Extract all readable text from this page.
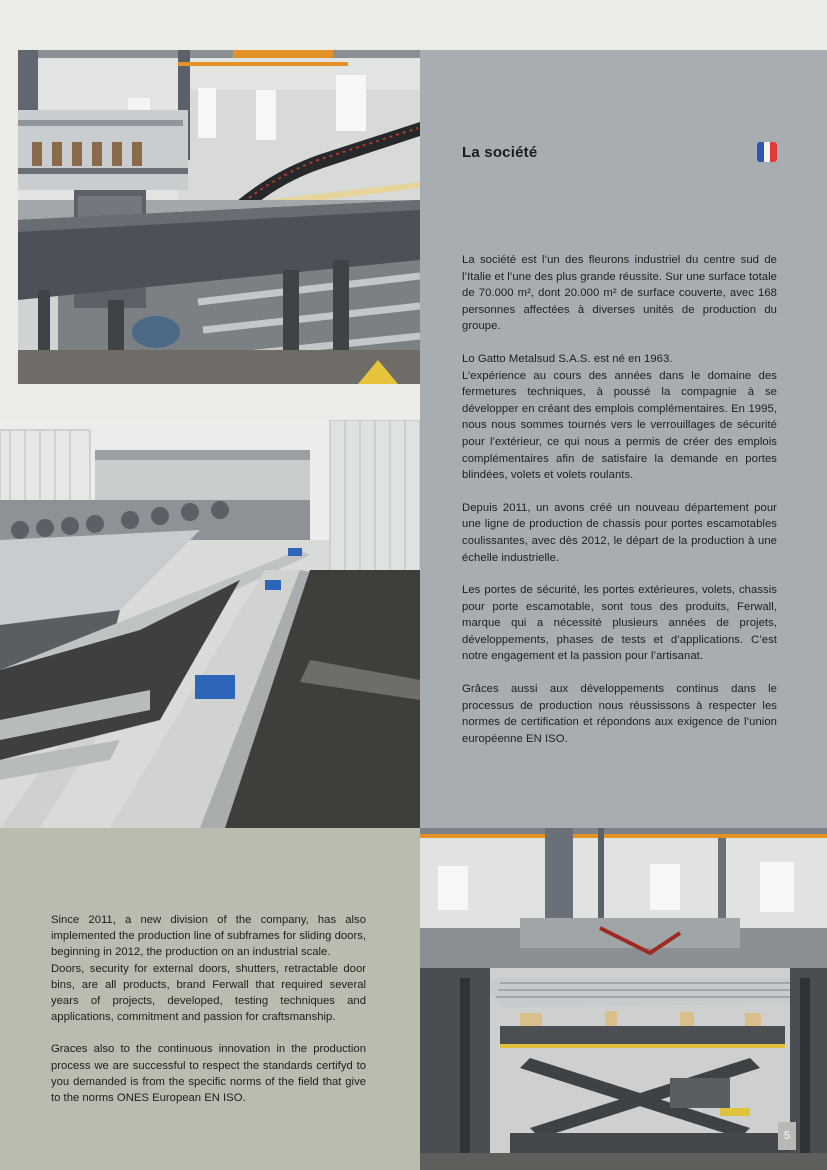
La société

La société est l’un des fleurons industriel du centre sud de l’Italie et l’une des plus grande réussite. Sur une surface totale de 70.000 m², dont 20.000 m² de surface couverte, avec 168 personnes affectées à diverses unités de production du groupe.

Lo Gatto Metalsud S.A.S. est né en 1963.

L’expérience au cours des années dans le domaine des fermetures techniques, à poussé la compagnie à se développer en créant des emplois complémentaires. En 1995, nous nous sommes tournés vers le verrouillages de sécurité pour l’extérieur, ce qui nous a permis de créer des emplois complémentaires afin de satisfaire la demande en portes blindées, volets et volets roulants.

Depuis 2011, un avons créé un nouveau département pour une ligne de production de chassis pour portes escamotables coulissantes, avec dès 2012, le départ de la production à une échelle industrielle.

Les portes de sécurité, les portes extérieures, volets, chassis pour porte escamotable, sont tous des produits, Ferwall, marque qui a nécessité plusieurs années de projets, développements, phases de tests et d’applications. C’est notre engagement et la passion pour l’artisanat.

Grâces aussi aux développements continus dans le processus de production nous réussissons à respecter les normes de certification et répondons aux exigence de l’union européenne EN ISO.

Since 2011, a new division of the company, has also implemented the production line of subframes for sliding doors, beginning in 2012, the production on an industrial scale.

Doors, security for external doors, shutters, retractable door bins, are all products, brand Ferwall that required several years of projects, developed, testing techniques and applications, commitment and passion for craftsmanship.

Graces also to the continuous innovation in the production process we are successful to respect the standards certifyd to you demanded is from the specific norms of the field that give to the norms ONES European EN ISO.

5
